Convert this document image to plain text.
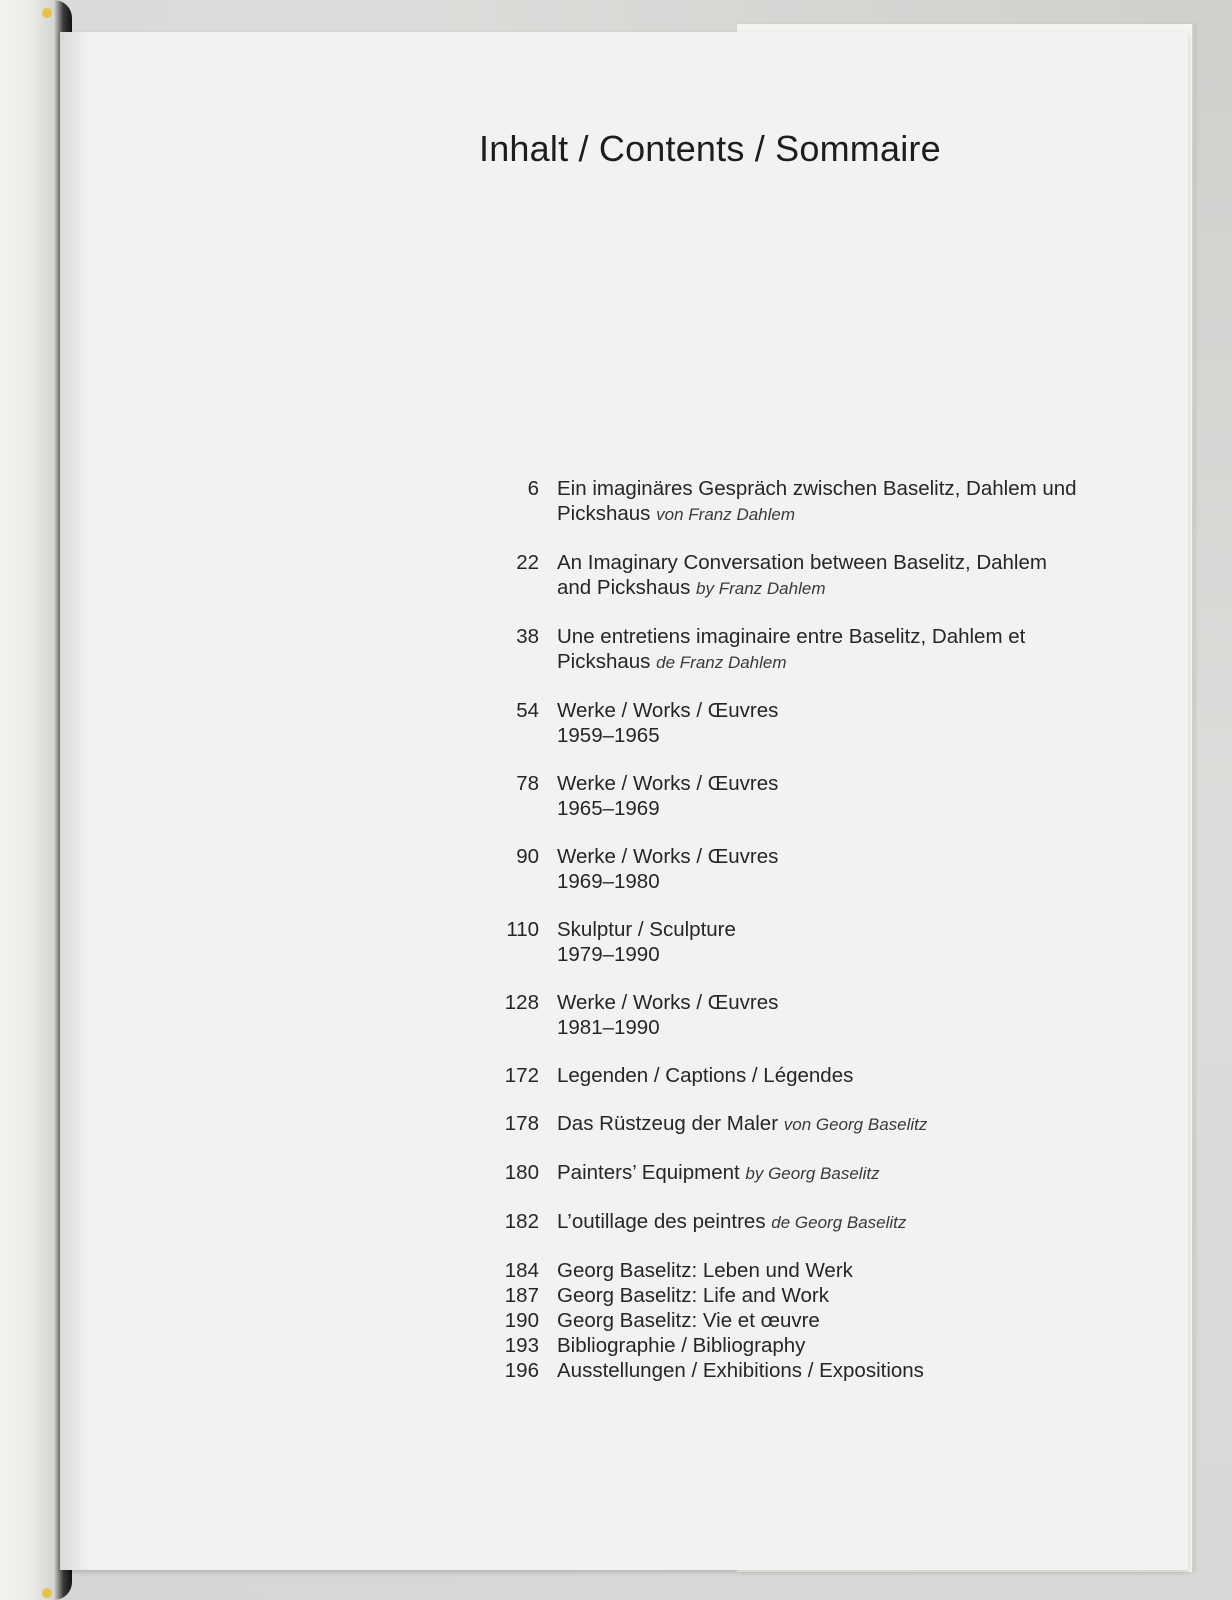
Inhalt / Contents / Sommaire
6 Ein imaginäres Gespräch zwischen Baselitz, Dahlem und
Pickshaus von Franz Dahlem
22 An Imaginary Conversation between Baselitz, Dahlem
and Pickshaus by Franz Dahlem
38 Une entretiens imaginaire entre Baselitz, Dahlem et
Pickshaus de Franz Dahlem
54 Werke / Works / Œuvres
1959–1965
78 Werke / Works / Œuvres
1965–1969
90 Werke / Works / Œuvres
1969–1980
110 Skulptur / Sculpture
1979–1990
128 Werke / Works / Œuvres
1981–1990
172 Legenden / Captions / Légendes
178 Das Rüstzeug der Maler von Georg Baselitz
180 Painters’ Equipment by Georg Baselitz
182 L’outillage des peintres de Georg Baselitz
184 Georg Baselitz: Leben und Werk
187 Georg Baselitz: Life and Work
190 Georg Baselitz: Vie et œuvre
193 Bibliographie / Bibliography
196 Ausstellungen / Exhibitions / Expositions
